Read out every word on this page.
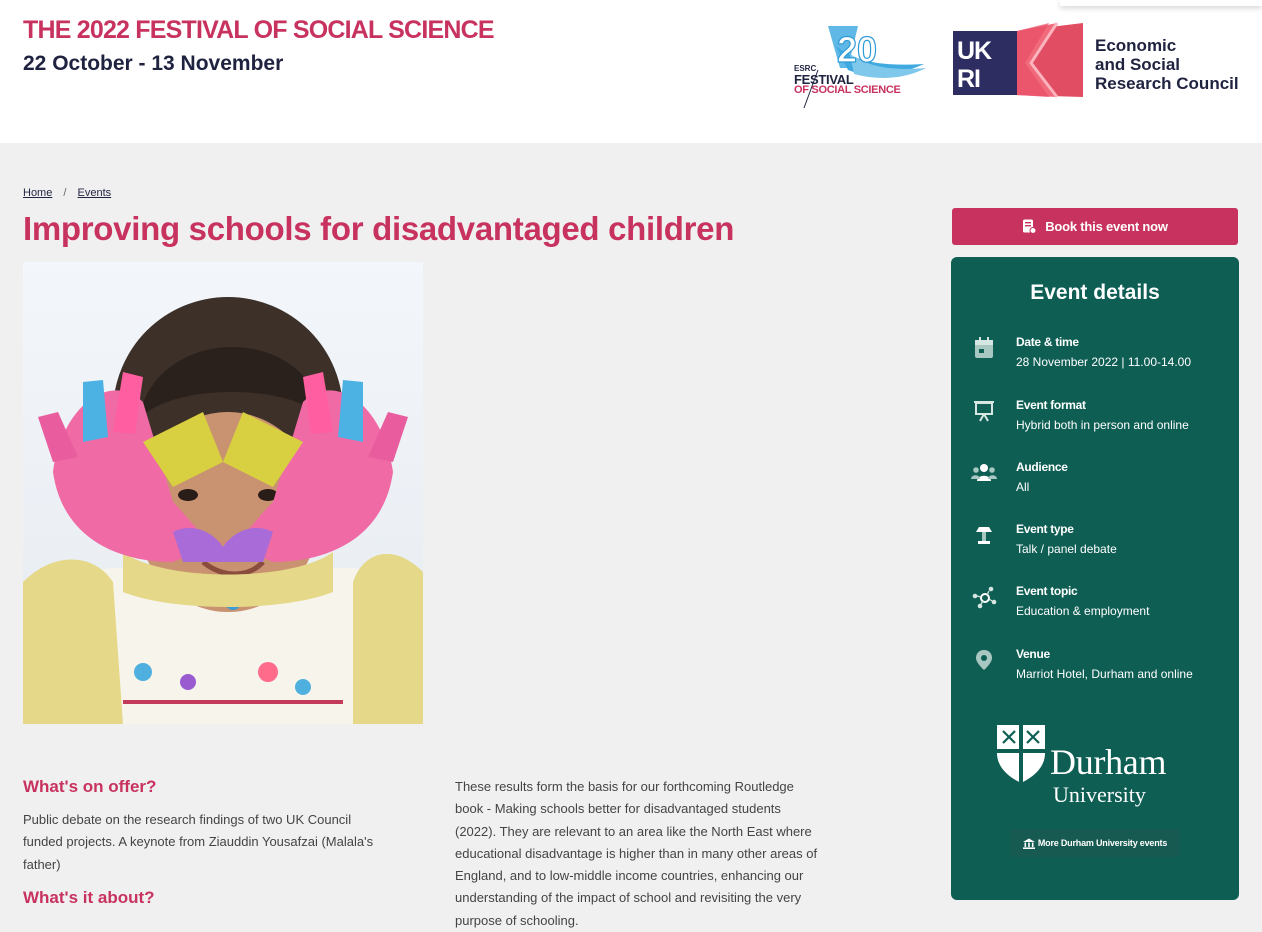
THE 2022 FESTIVAL OF SOCIAL SCIENCE
22 October - 13 November	20
ESRC
FESTIVAL
OF SOCIAL SCIENCE
UK
RI
Economic
and Social
Research Council
Home / Events
Improving schools for disadvantaged children
What's on offer?
Public debate on the research findings of two UK Council
funded projects. A keynote from Ziauddin Yousafzai (Malala's
father)
What's it about?
These results form the basis for our forthcoming Routledge
book - Making schools better for disadvantaged students
(2022). They are relevant to an area like the North East where
educational disadvantage is higher than in many other areas of
England, and to low-middle income countries, enhancing our
understanding of the impact of school and revisiting the very
purpose of schooling.
Book this event now
Event details
Date & time
28 November 2022 | 11.00-14.00
Event format
Hybrid both in person and online
Audience
All
Event type
Talk / panel debate
Event topic
Education & employment
Venue
Marriot Hotel, Durham and online
Durham
University
More Durham University events
